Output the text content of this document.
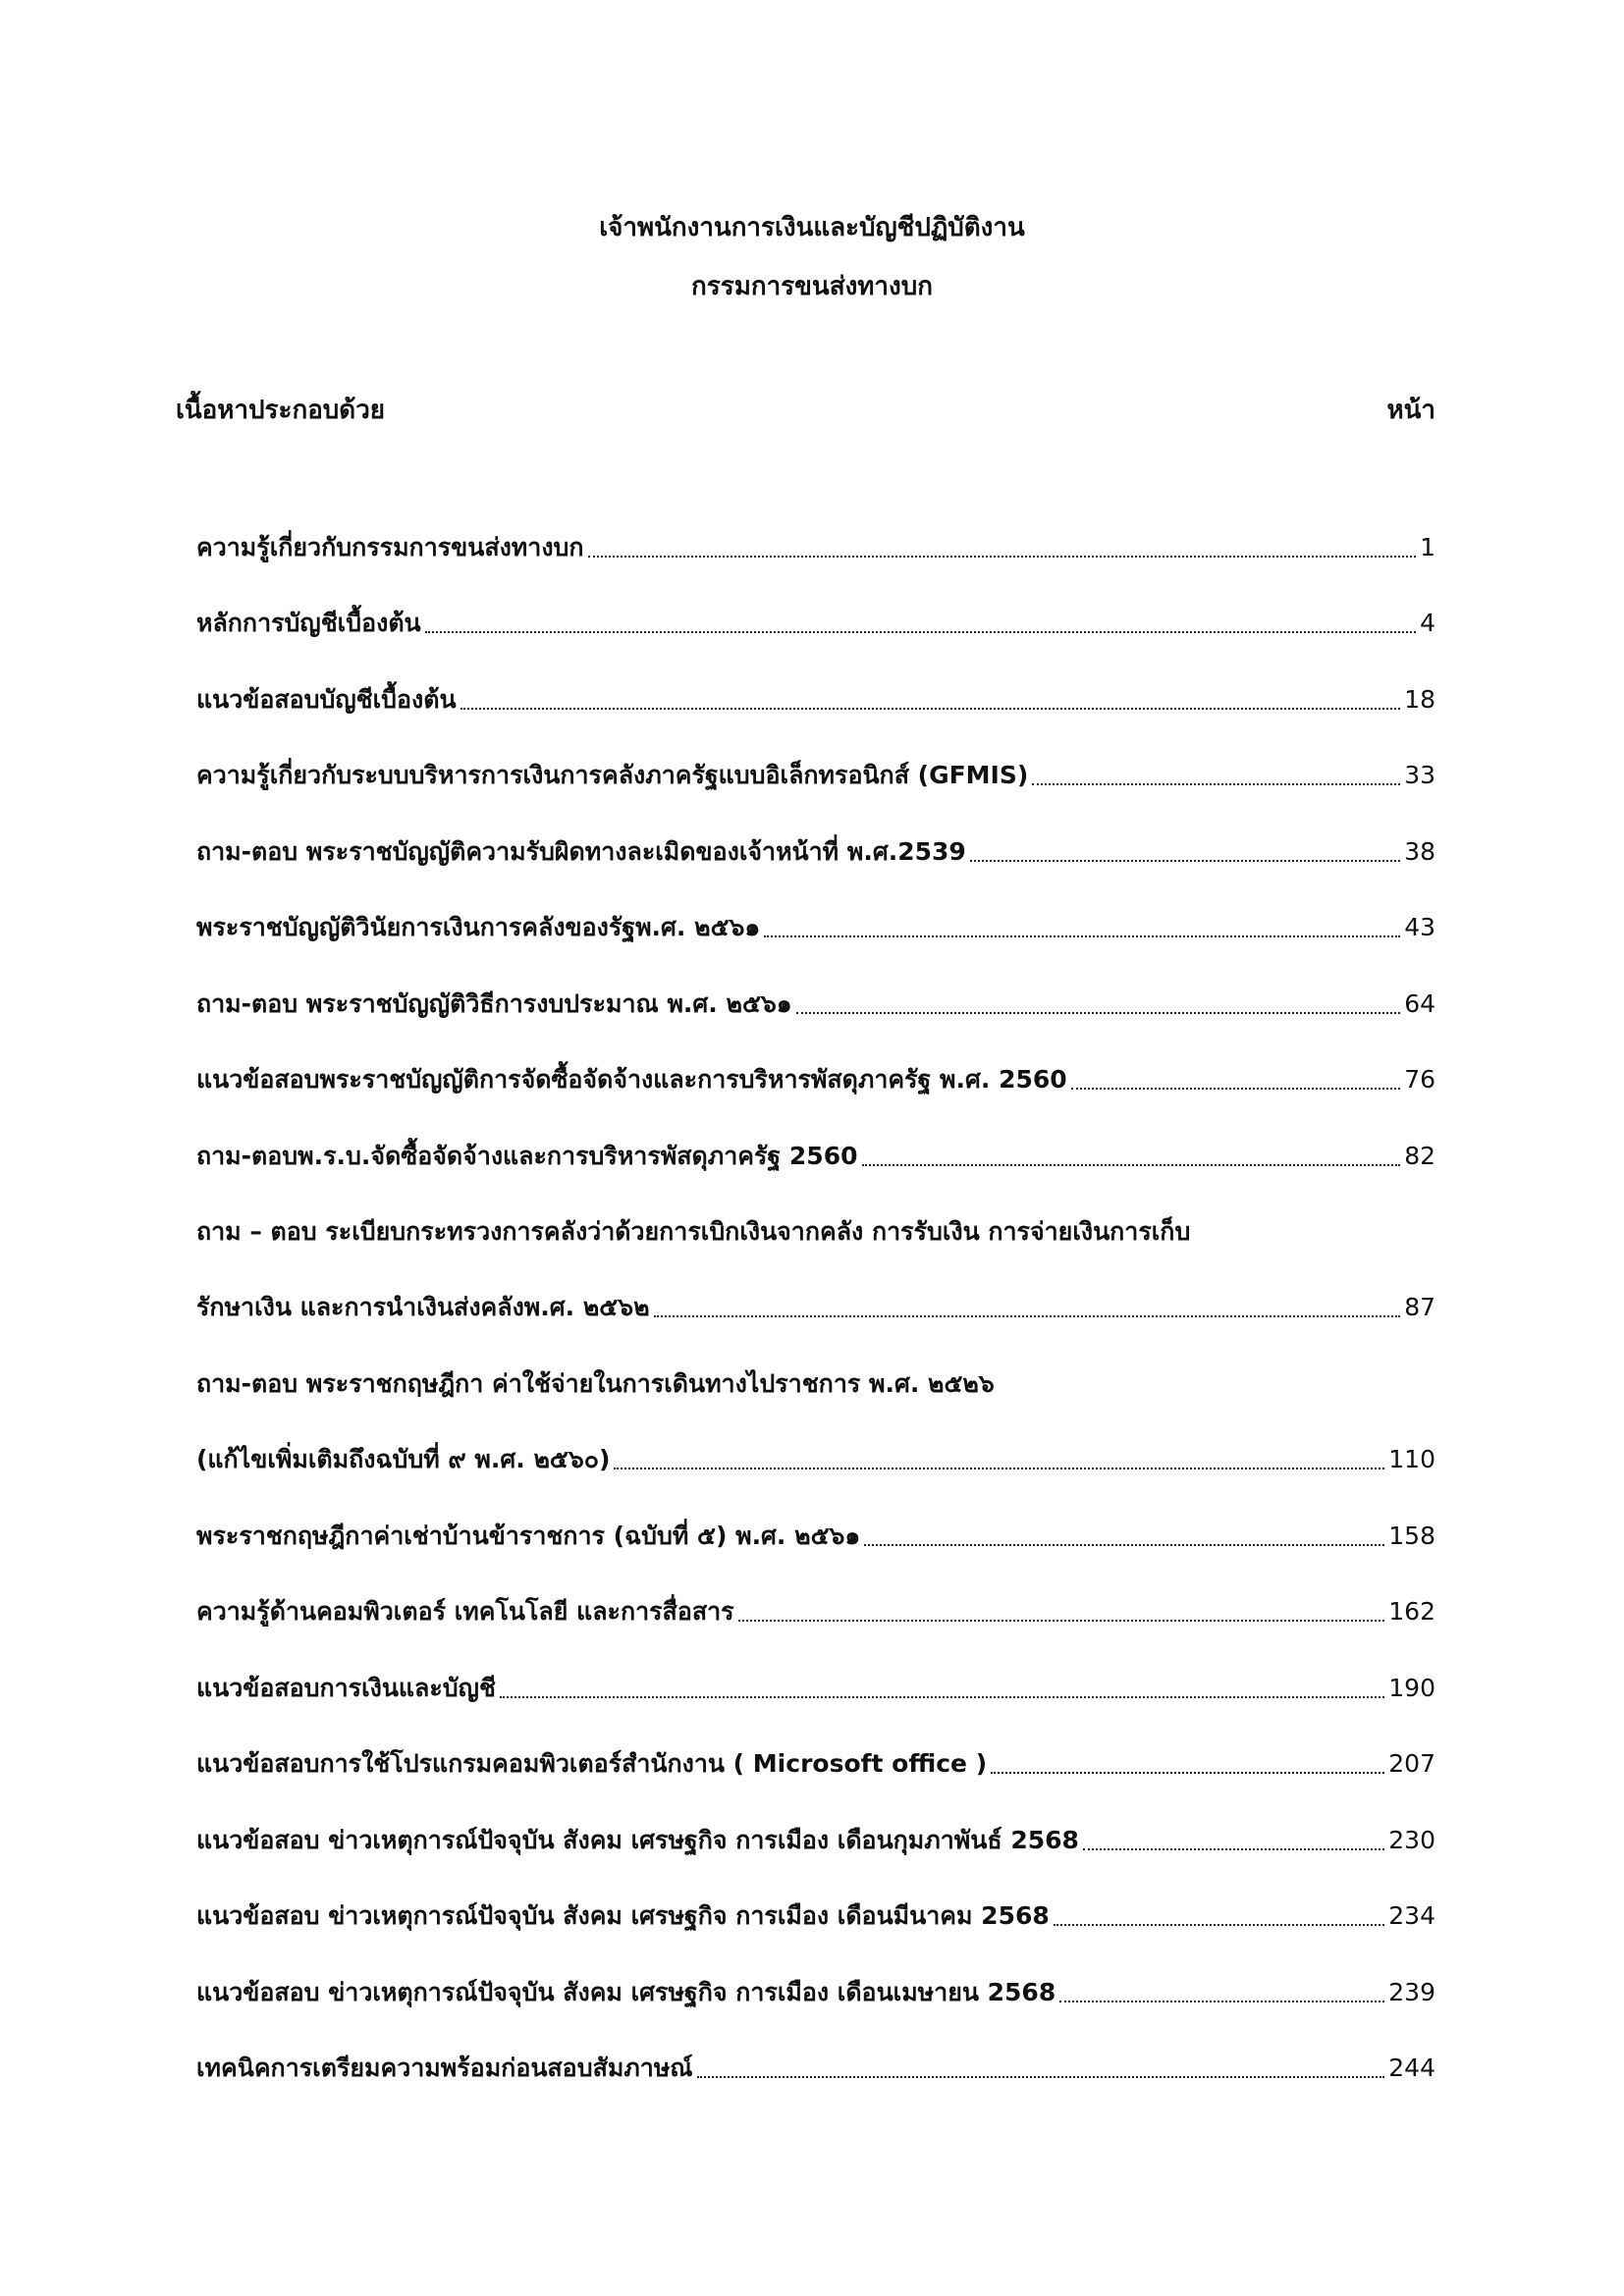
เจ้าพนักงานการเงินและบัญชีปฏิบัติงาน
กรรมการขนส่งทางบก
เนื้อหาประกอบด้วย	หน้า
ความรู้เกี่ยวกับกรรมการขนส่งทางบก	1
หลักการบัญชีเบื้องต้น	4
แนวข้อสอบบัญชีเบื้องต้น	18
ความรู้เกี่ยวกับระบบบริหารการเงินการคลังภาครัฐแบบอิเล็กทรอนิกส์ (GFMIS)	33
ถาม-ตอบ พระราชบัญญัติความรับผิดทางละเมิดของเจ้าหน้าที่ พ.ศ.2539	38
พระราชบัญญัติวินัยการเงินการคลังของรัฐพ.ศ. ๒๕๖๑	43
ถาม-ตอบ พระราชบัญญัติวิธีการงบประมาณ พ.ศ. ๒๕๖๑	64
แนวข้อสอบพระราชบัญญัติการจัดซื้อจัดจ้างและการบริหารพัสดุภาครัฐ พ.ศ. 2560	76
ถาม-ตอบพ.ร.บ.จัดซื้อจัดจ้างและการบริหารพัสดุภาครัฐ 2560	82
ถาม – ตอบ ระเบียบกระทรวงการคลังว่าด้วยการเบิกเงินจากคลัง การรับเงิน การจ่ายเงินการเก็บ
รักษาเงิน และการนำเงินส่งคลังพ.ศ. ๒๕๖๒	87
ถาม-ตอบ พระราชกฤษฎีกา ค่าใช้จ่ายในการเดินทางไปราชการ พ.ศ. ๒๕๒๖
(แก้ไขเพิ่มเติมถึงฉบับที่ ๙ พ.ศ. ๒๕๖๐)	110
พระราชกฤษฎีกาค่าเช่าบ้านข้าราชการ (ฉบับที่ ๕) พ.ศ. ๒๕๖๑	158
ความรู้ด้านคอมพิวเตอร์ เทคโนโลยี และการสื่อสาร	162
แนวข้อสอบการเงินและบัญชี	190
แนวข้อสอบการใช้โปรแกรมคอมพิวเตอร์สำนักงาน ( Microsoft office )	207
แนวข้อสอบ ข่าวเหตุการณ์ปัจจุบัน สังคม เศรษฐกิจ การเมือง เดือนกุมภาพันธ์ 2568	230
แนวข้อสอบ ข่าวเหตุการณ์ปัจจุบัน สังคม เศรษฐกิจ การเมือง เดือนมีนาคม 2568	234
แนวข้อสอบ ข่าวเหตุการณ์ปัจจุบัน สังคม เศรษฐกิจ การเมือง เดือนเมษายน 2568	239
เทคนิคการเตรียมความพร้อมก่อนสอบสัมภาษณ์	244
